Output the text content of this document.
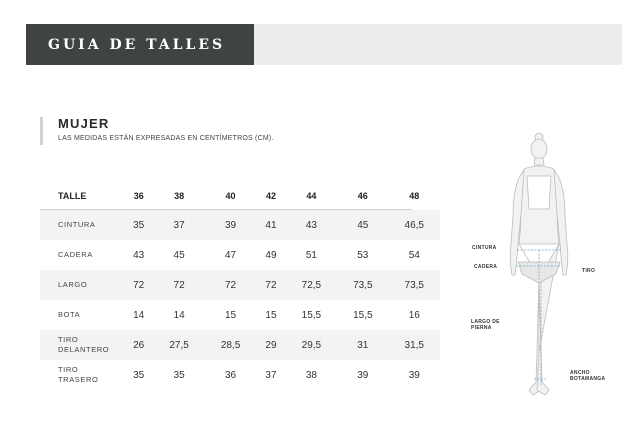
GUIA DE TALLES
MUJER
LAS MEDIDAS ESTÁN EXPRESADAS EN CENTÍMETROS (CM).
TALLE	36	38	40	42	44	46	48
CINTURA	35	37	39	41	43	45	46,5
CADERA	43	45	47	49	51	53	54
LARGO	72	72	72	72	72,5	73,5	73,5
BOTA	14	14	15	15	15,5	15,5	16
TIRO
DELANTERO	26	27,5	28,5	29	29,5	31	31,5
TIRO
TRASERO	35	35	36	37	38	39	39
CINTURA
CADERA
TIRO
LARGO DE
PIERNA
ANCHO
BOTAMANGA
